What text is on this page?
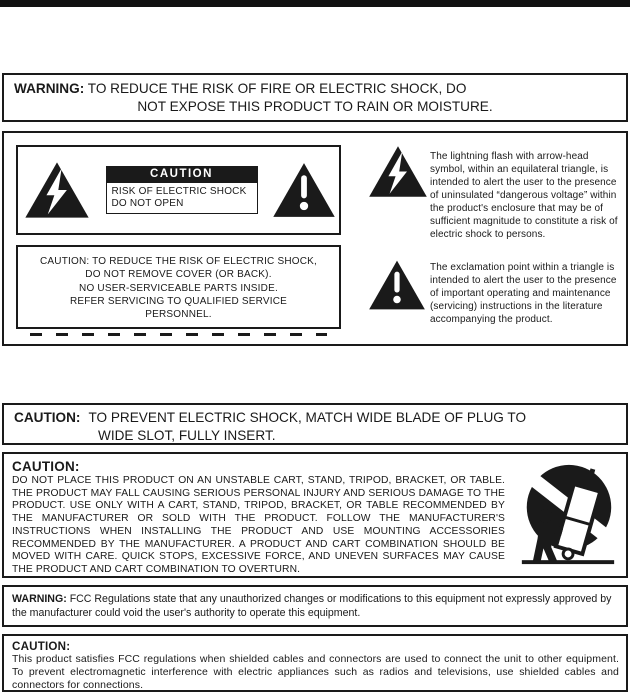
WARNING: TO REDUCE THE RISK OF FIRE OR ELECTRIC SHOCK, DO
NOT EXPOSE THIS PRODUCT TO RAIN OR MOISTURE.
CAUTION
RISK OF ELECTRIC SHOCK
DO NOT OPEN
CAUTION: TO REDUCE THE RISK OF ELECTRIC SHOCK,
DO NOT REMOVE COVER (OR BACK).
NO USER-SERVICEABLE PARTS INSIDE.
REFER SERVICING TO QUALIFIED SERVICE
PERSONNEL.

The lightning flash with arrow-head symbol, within an equilateral triangle, is intended to alert the user to the presence of uninsulated “dangerous voltage” within the product's enclosure that may be of sufficient magnitude to constitute a risk of electric shock to persons.

The exclamation point within a triangle is intended to alert the user to the presence of important operating and maintenance (servicing) instructions in the literature accompanying the product.

CAUTION: TO PREVENT ELECTRIC SHOCK, MATCH WIDE BLADE OF PLUG TO
WIDE SLOT, FULLY INSERT.
CAUTION:

DO NOT PLACE THIS PRODUCT ON AN UNSTABLE CART, STAND, TRIPOD, BRACKET, OR TABLE. THE PRODUCT MAY FALL CAUSING SERIOUS PERSONAL INJURY AND SERIOUS DAMAGE TO THE PRODUCT. USE ONLY WITH A CART, STAND, TRIPOD, BRACKET, OR TABLE RECOMMENDED BY THE MANUFACTURER OR SOLD WITH THE PRODUCT. FOLLOW THE MANUFACTURER'S INSTRUCTIONS WHEN INSTALLING THE PRODUCT AND USE MOUNTING ACCESSORIES RECOMMENDED BY THE MANUFACTURER. A PRODUCT AND CART COMBINATION SHOULD BE MOVED WITH CARE. QUICK STOPS, EXCESSIVE FORCE, AND UNEVEN SURFACES MAY CAUSE THE PRODUCT AND CART COMBINATION TO OVERTURN.

WARNING: FCC Regulations state that any unauthorized changes or modifications to this equipment not expressly approved by the manufacturer could void the user's authority to operate this equipment.

CAUTION:

This product satisfies FCC regulations when shielded cables and connectors are used to connect the unit to other equipment. To prevent electromagnetic interference with electric appliances such as radios and televisions, use shielded cables and connectors for connections.
